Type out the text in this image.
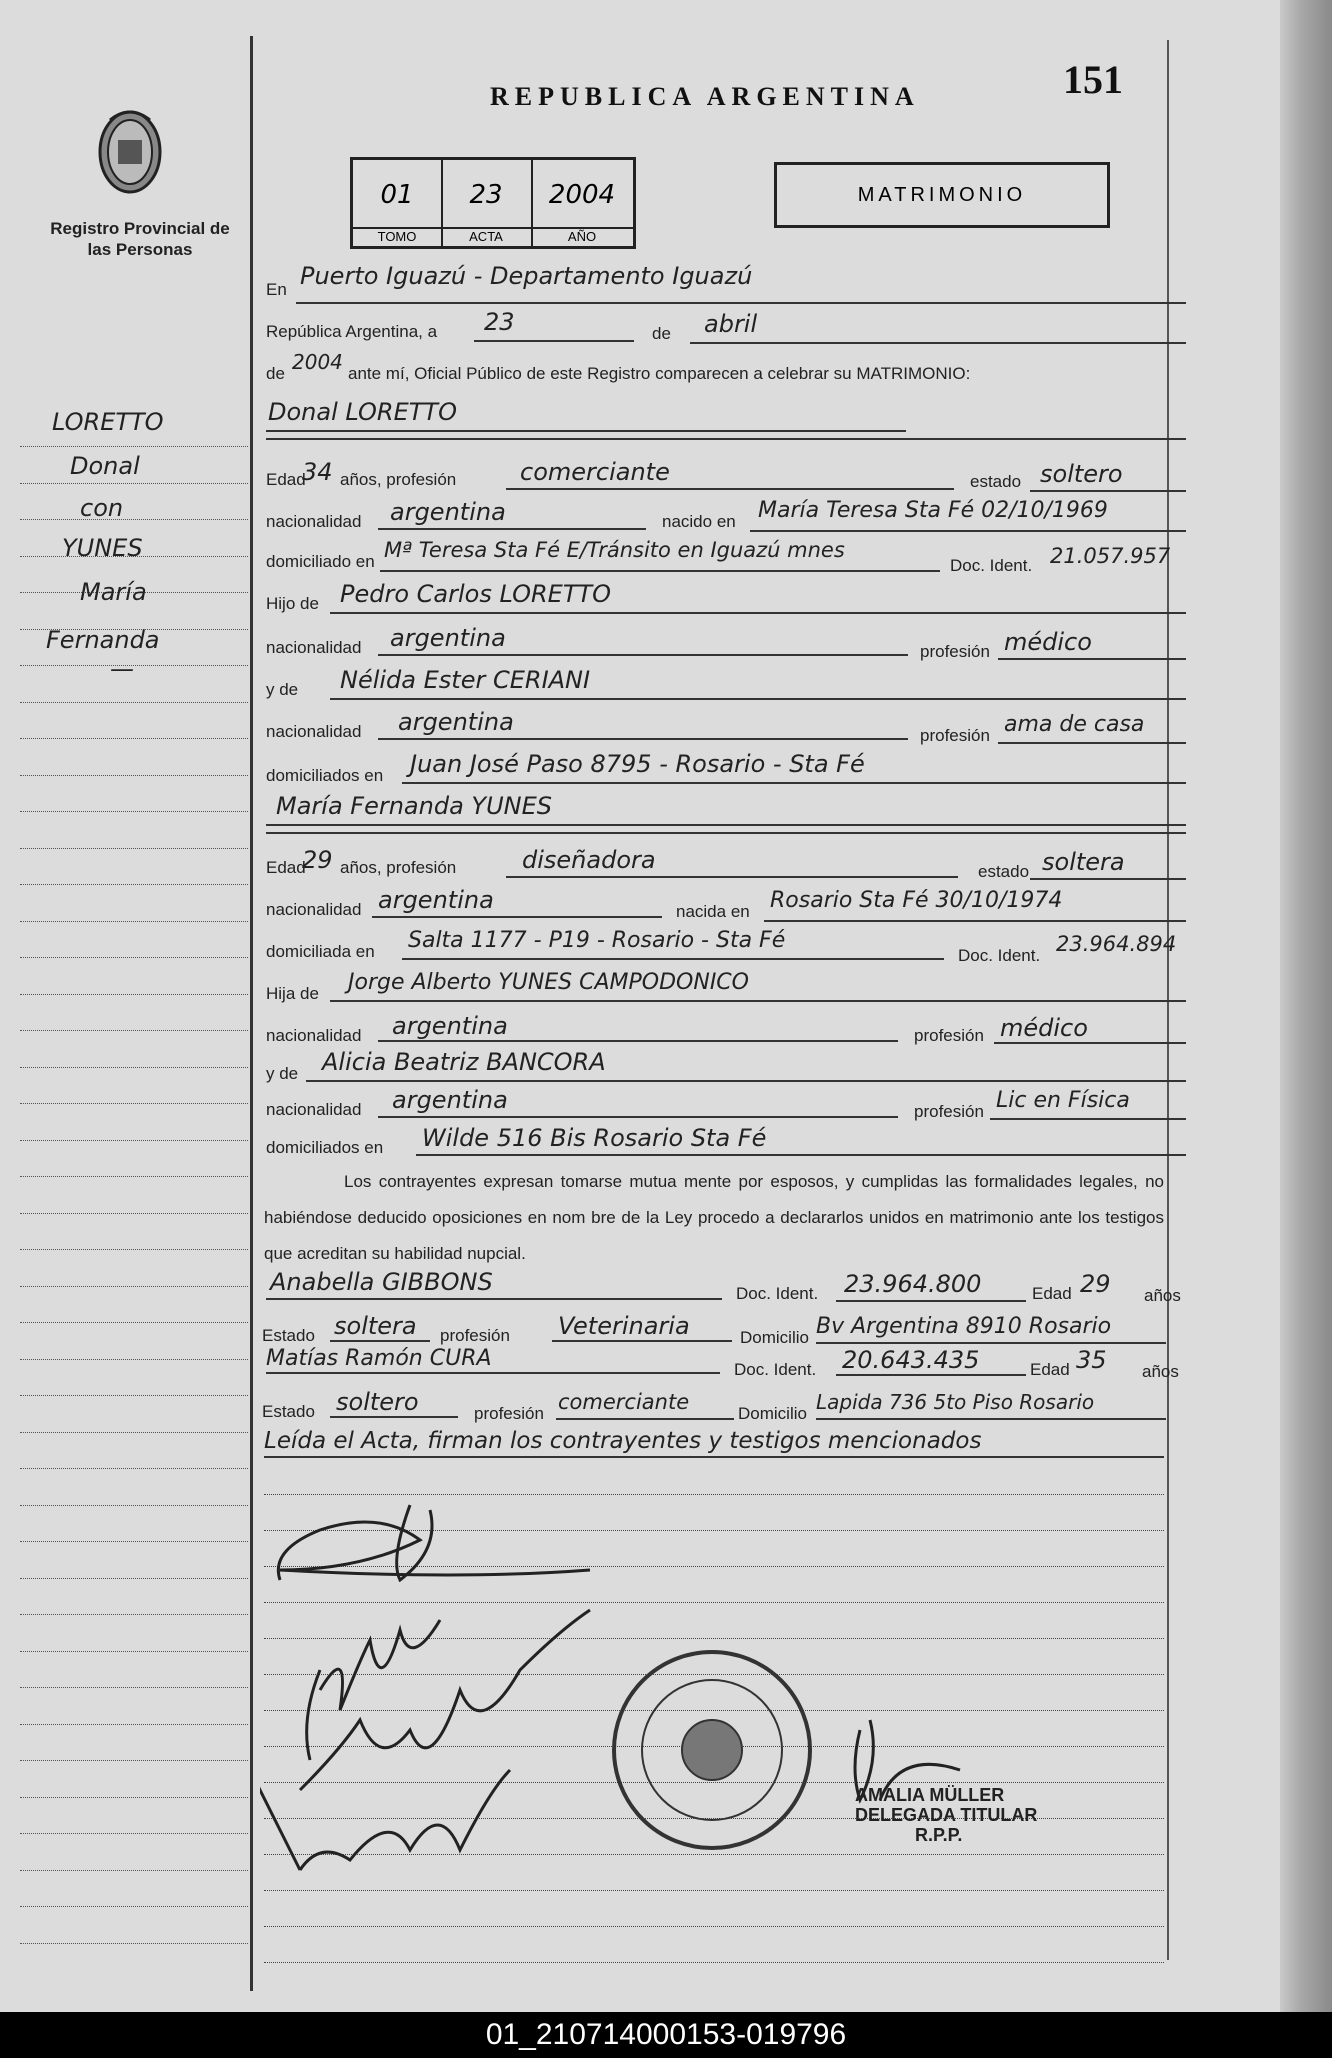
Registro Provincial de las Personas
REPUBLICA ARGENTINA	151
01
TOMO
23
ACTA
2004
AÑO
MATRIMONIO
LORETTO
Donal
con
YUNES
María
Fernanda
—
En Puerto Iguazú - Departamento Iguazú
República Argentina, a 23	de abril
de 2004 ante mí, Oficial Público de este Registro comparecen a celebrar su MATRIMONIO:
Donal LORETTO
Edad
34 años, profesión	comerciante	estado soltero
nacionalidad argentina	nacido en María Teresa Sta Fé 02/10/1969
domiciliado en Mª Teresa Sta Fé E/Tránsito en Iguazú mnes
Doc. Ident. 21.057.957
Hijo de Pedro Carlos LORETTO
nacionalidad argentina	profesión médico
y de Nélida Ester CERIANI
nacionalidad argentina	profesión ama de casa
domiciliados en Juan José Paso 8795 - Rosario - Sta Fé
María Fernanda YUNES
Edad
29 años, profesión	diseñadora	estado soltera
nacionalidad argentina	nacida en Rosario Sta Fé 30/10/1974
domiciliada en Salta 1177 - P19 - Rosario - Sta Fé
Doc. Ident. 23.964.894
Hija de Jorge Alberto YUNES CAMPODONICO
nacionalidad argentina	profesión médico
y de Alicia Beatriz BANCORA
nacionalidad argentina	profesión Lic en Física
domiciliados en Wilde 516 Bis Rosario Sta Fé
Los contrayentes expresan tomarse mutua mente por esposos, y cumplidas las formalidades legales, no habiéndose deducido oposiciones en nom bre de la Ley procedo a declararlos unidos en matrimonio ante los testigos que acreditan su habilidad nupcial.
Anabella GIBBONS	Doc. Ident. 23.964.800	Edad 29 años
Estado soltera profesión Veterinaria	Domicilio Bv Argentina 8910 Rosario
Matías Ramón CURA	Doc. Ident. 20.643.435	Edad 35 años
Estado soltero	profesión comerciante	Domicilio Lapida 736 5to Piso Rosario
Leída el Acta, firman los contrayentes y testigos mencionados
AMALIA MÜLLER
DELEGADA TITULAR
R.P.P.
01_210714000153-019796
